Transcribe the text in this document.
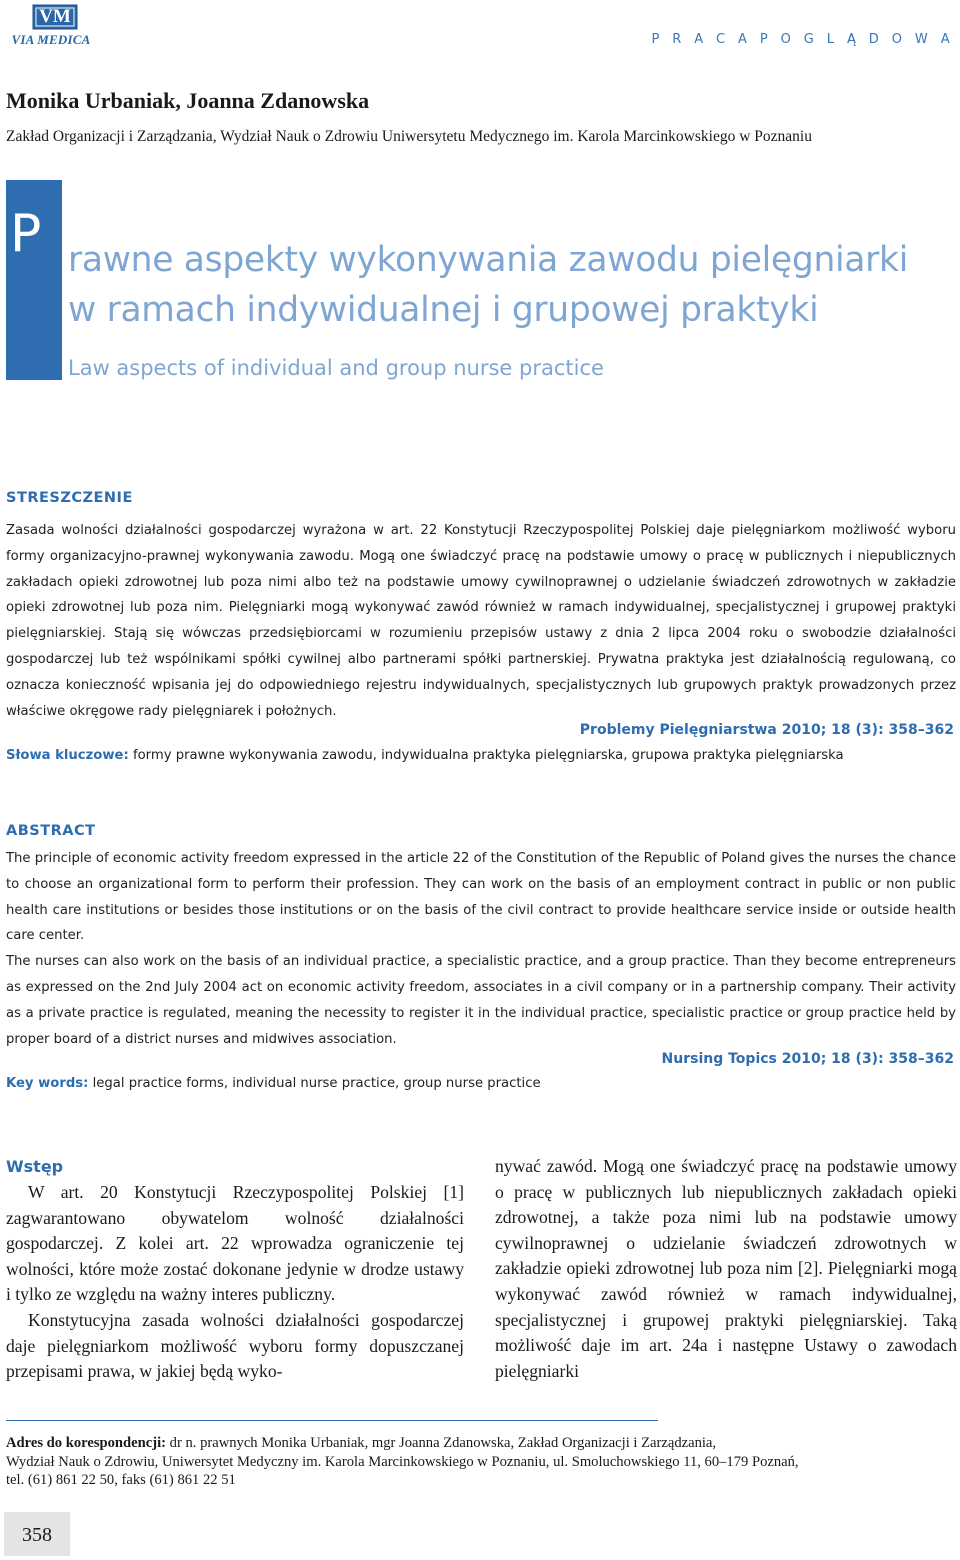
VM
VIA MEDICA	P R A C A P O G L Ą D O W A
Monika Urbaniak, Joanna Zdanowska
Zakład Organizacji i Zarządzania, Wydział Nauk o Zdrowiu Uniwersytetu Medycznego im. Karola Marcinkowskiego w Poznaniu
P rawne aspekty wykonywania zawodu pielęgniarki
w ramach indywidualnej i grupowej praktyki
Law aspects of individual and group nurse practice
STRESZCZENIE
Zasada wolności działalności gospodarczej wyrażona w art. 22 Konstytucji Rzeczypospolitej Polskiej daje pielęgniarkom możliwość wyboru formy organizacyjno-prawnej wykonywania zawodu. Mogą one świadczyć pracę na podstawie umowy o pracę w publicznych i niepublicznych zakładach opieki zdrowotnej lub poza nimi albo też na podstawie umowy cywilnoprawnej o udzielanie świadczeń zdrowotnych w zakładzie opieki zdrowotnej lub poza nim. Pielęgniarki mogą wykonywać zawód również w ramach indywidualnej, specjalistycznej i grupowej praktyki pielęgniarskiej. Stają się wówczas przedsiębiorcami w rozumieniu przepisów ustawy z dnia 2 lipca 2004 roku o swobodzie działalności gospodarczej lub też wspólnikami spółki cywilnej albo partnerami spółki partnerskiej. Prywatna praktyka jest działalnością regulowaną, co oznacza konieczność wpisania jej do odpowiedniego rejestru indywidualnych, specjalistycznych lub grupowych praktyk prowadzonych przez właściwe okręgowe rady pielęgniarek i położnych.
Problemy Pielęgniarstwa 2010; 18 (3): 358–362
Słowa kluczowe: formy prawne wykonywania zawodu, indywidualna praktyka pielęgniarska, grupowa praktyka pielęgniarska
ABSTRACT

The principle of economic activity freedom expressed in the article 22 of the Constitution of the Republic of Poland gives the nurses the chance to choose an organizational form to perform their profession. They can work on the basis of an employment contract in public or non public health care institutions or besides those institutions or on the basis of the civil contract to provide healthcare service inside or outside health care center.

The nurses can also work on the basis of an individual practice, a specialistic practice, and a group practice. Than they become entrepreneurs as expressed on the 2nd July 2004 act on economic activity freedom, associates in a civil company or in a partnership company. Their activity as a private practice is regulated, meaning the necessity to register it in the individual practice, specialistic practice or group practice held by proper board of a district nurses and midwives association.

Nursing Topics 2010; 18 (3): 358–362
Key words: legal practice forms, individual nurse practice, group nurse practice
Wstęp

W art. 20 Konstytucji Rzeczypospolitej Polskiej [1] zagwarantowano obywatelom wolność działalności gospodarczej. Z kolei art. 22 wprowadza ograniczenie tej wolności, które może zostać dokonane jedynie w drodze ustawy i tylko ze względu na ważny interes publiczny.

Konstytucyjna zasada wolności działalności gospodarczej daje pielęgniarkom możliwość wyboru formy dopuszczanej przepisami prawa, w jakiej będą wyko-

nywać zawód. Mogą one świadczyć pracę na podstawie umowy o pracę w publicznych lub niepublicznych zakładach opieki zdrowotnej, a także poza nimi lub na podstawie umowy cywilnoprawnej o udzielanie świadczeń zdrowotnych w zakładzie opieki zdrowotnej lub poza nim [2]. Pielęgniarki mogą wykonywać zawód również w ramach indywidualnej, specjalistycznej i grupowej praktyki pielęgniarskiej. Taką możliwość daje im art. 24a i następne Ustawy o zawodach pielęgniarki

Adres do korespondencji: dr n. prawnych Monika Urbaniak, mgr Joanna Zdanowska, Zakład Organizacji i Zarządzania,
Wydział Nauk o Zdrowiu, Uniwersytet Medyczny im. Karola Marcinkowskiego w Poznaniu, ul. Smoluchowskiego 11, 60–179 Poznań,
tel. (61) 861 22 50, faks (61) 861 22 51
358
